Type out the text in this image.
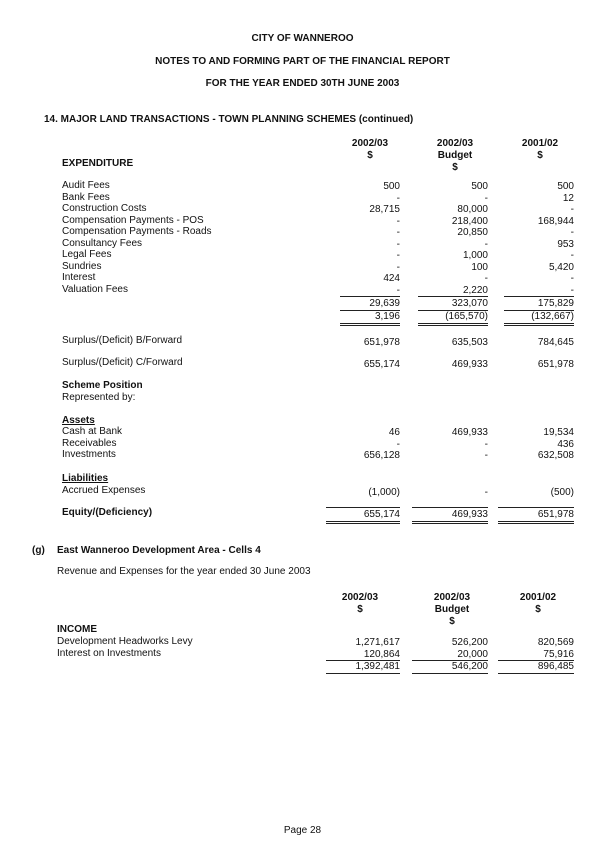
CITY OF WANNEROO
NOTES TO AND FORMING PART OF THE FINANCIAL REPORT
FOR THE YEAR ENDED 30TH JUNE 2003
14. MAJOR LAND TRANSACTIONS - TOWN PLANNING SCHEMES (continued)
2002/03
$
2002/03
Budget
$
2001/02
$
EXPENDITURE
Audit Fees	500	500	500
Bank Fees	-	-	12
Construction Costs	28,715	80,000	-
Compensation Payments - POS	-	218,400	168,944
Compensation Payments - Roads	-	20,850	-
Consultancy Fees	-	-	953
Legal Fees	-	1,000	-
Sundries	-	100	5,420
Interest	424	-	-
Valuation Fees	-	2,220	-
29,639	323,070	175,829
3,196	(165,570)	(132,667)
Surplus/(Deficit) B/Forward	651,978	635,503	784,645
Surplus/(Deficit) C/Forward	655,174	469,933	651,978
Scheme Position
Represented by:
Assets
Cash at Bank	46	469,933	19,534
Receivables	-	-	436
Investments	656,128	-	632,508
Liabilities
Accrued Expenses	(1,000)	-	(500)
Equity/(Deficiency)	655,174	469,933	651,978
(g) East Wanneroo Development Area - Cells 4
Revenue and Expenses for the year ended 30 June 2003
2002/03
$
2002/03
Budget
$
2001/02
$
INCOME
Development Headworks Levy	1,271,617	526,200	820,569
Interest on Investments	120,864	20,000	75,916
1,392,481	546,200	896,485
Page 28
